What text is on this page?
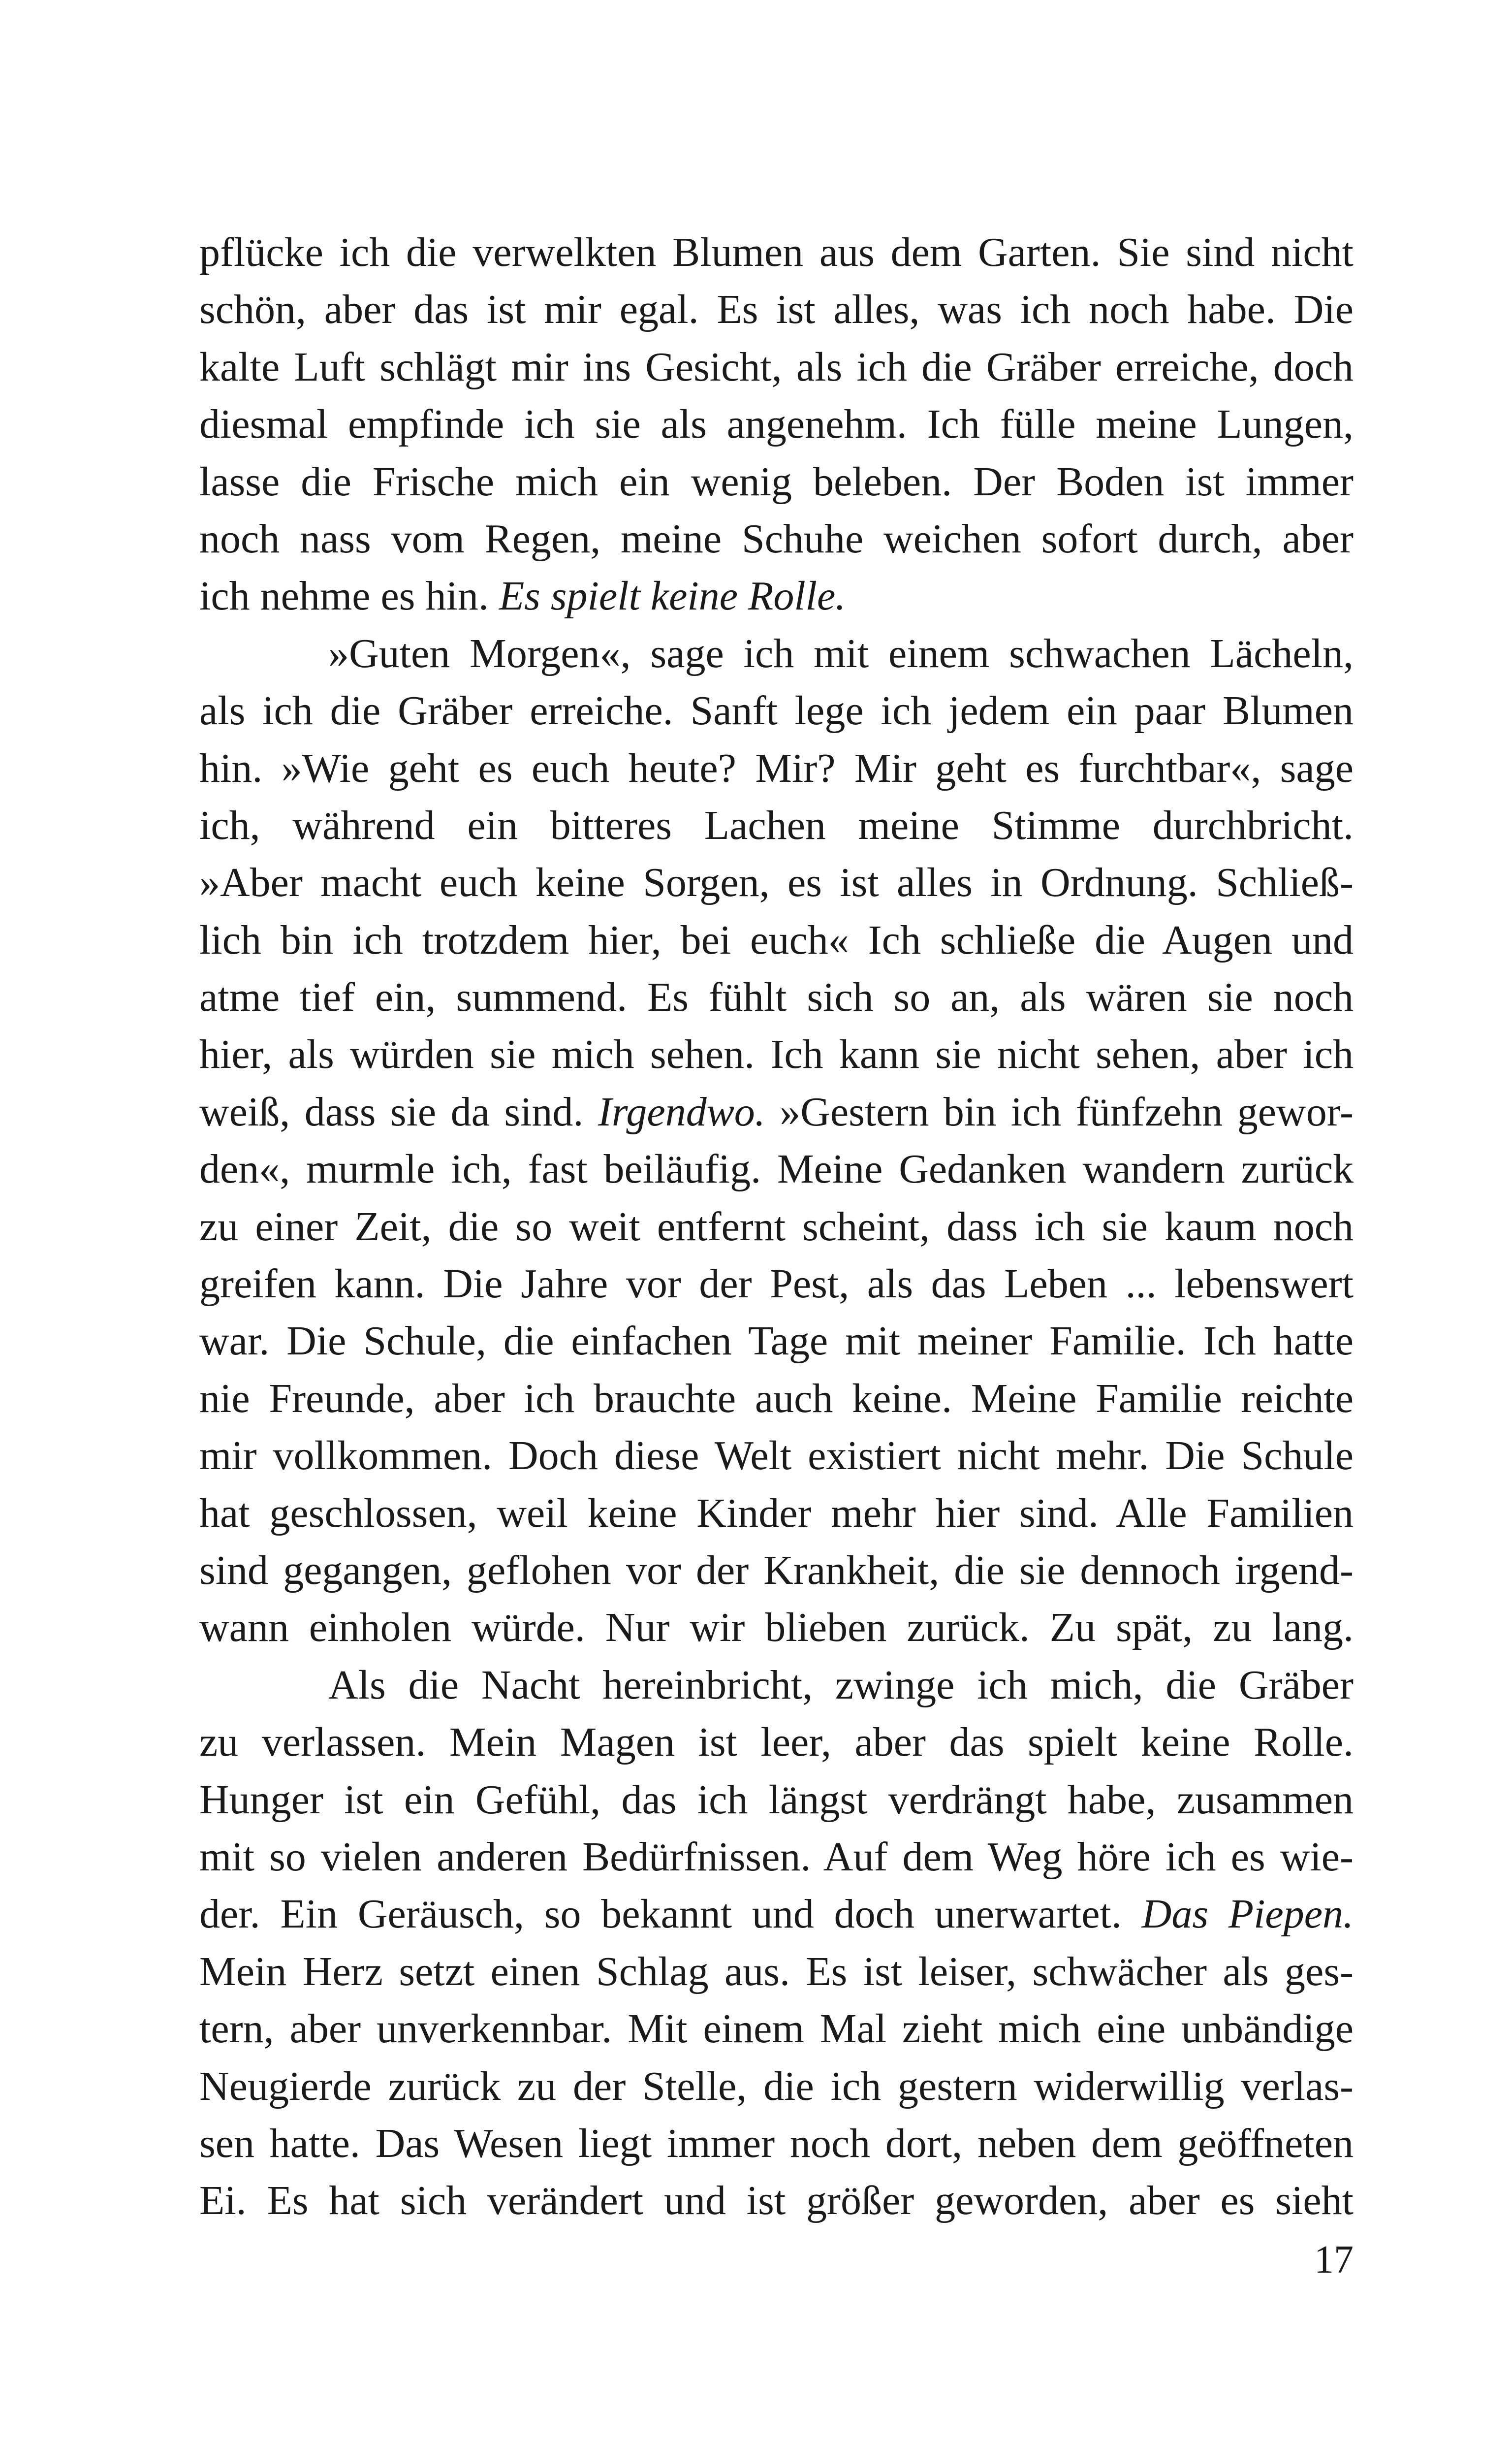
pflücke ich die verwelkten Blumen aus dem Garten. Sie sind nicht
schön, aber das ist mir egal. Es ist alles, was ich noch habe. Die
kalte Luft schlägt mir ins Gesicht, als ich die Gräber erreiche, doch
diesmal empfinde ich sie als angenehm. Ich fülle meine Lungen,
lasse die Frische mich ein wenig beleben. Der Boden ist immer
noch nass vom Regen, meine Schuhe weichen sofort durch, aber
ich nehme es hin. Es spielt keine Rolle.
»Guten Morgen«, sage ich mit einem schwachen Lächeln,
als ich die Gräber erreiche. Sanft lege ich jedem ein paar Blumen
hin. »Wie geht es euch heute? Mir? Mir geht es furchtbar«, sage
ich, während ein bitteres Lachen meine Stimme durchbricht.
»Aber macht euch keine Sorgen, es ist alles in Ordnung. Schließ-
lich bin ich trotzdem hier, bei euch« Ich schließe die Augen und
atme tief ein, summend. Es fühlt sich so an, als wären sie noch
hier, als würden sie mich sehen. Ich kann sie nicht sehen, aber ich
weiß, dass sie da sind. Irgendwo. »Gestern bin ich fünfzehn gewor-
den«, murmle ich, fast beiläufig. Meine Gedanken wandern zurück
zu einer Zeit, die so weit entfernt scheint, dass ich sie kaum noch
greifen kann. Die Jahre vor der Pest, als das Leben ... lebenswert
war. Die Schule, die einfachen Tage mit meiner Familie. Ich hatte
nie Freunde, aber ich brauchte auch keine. Meine Familie reichte
mir vollkommen. Doch diese Welt existiert nicht mehr. Die Schule
hat geschlossen, weil keine Kinder mehr hier sind. Alle Familien
sind gegangen, geflohen vor der Krankheit, die sie dennoch irgend-
wann einholen würde. Nur wir blieben zurück. Zu spät, zu lang.
Als die Nacht hereinbricht, zwinge ich mich, die Gräber
zu verlassen. Mein Magen ist leer, aber das spielt keine Rolle.
Hunger ist ein Gefühl, das ich längst verdrängt habe, zusammen
mit so vielen anderen Bedürfnissen. Auf dem Weg höre ich es wie-
der. Ein Geräusch, so bekannt und doch unerwartet. Das Piepen.
Mein Herz setzt einen Schlag aus. Es ist leiser, schwächer als ges-
tern, aber unverkennbar. Mit einem Mal zieht mich eine unbändige
Neugierde zurück zu der Stelle, die ich gestern widerwillig verlas-
sen hatte. Das Wesen liegt immer noch dort, neben dem geöffneten
Ei. Es hat sich verändert und ist größer geworden, aber es sieht
17
